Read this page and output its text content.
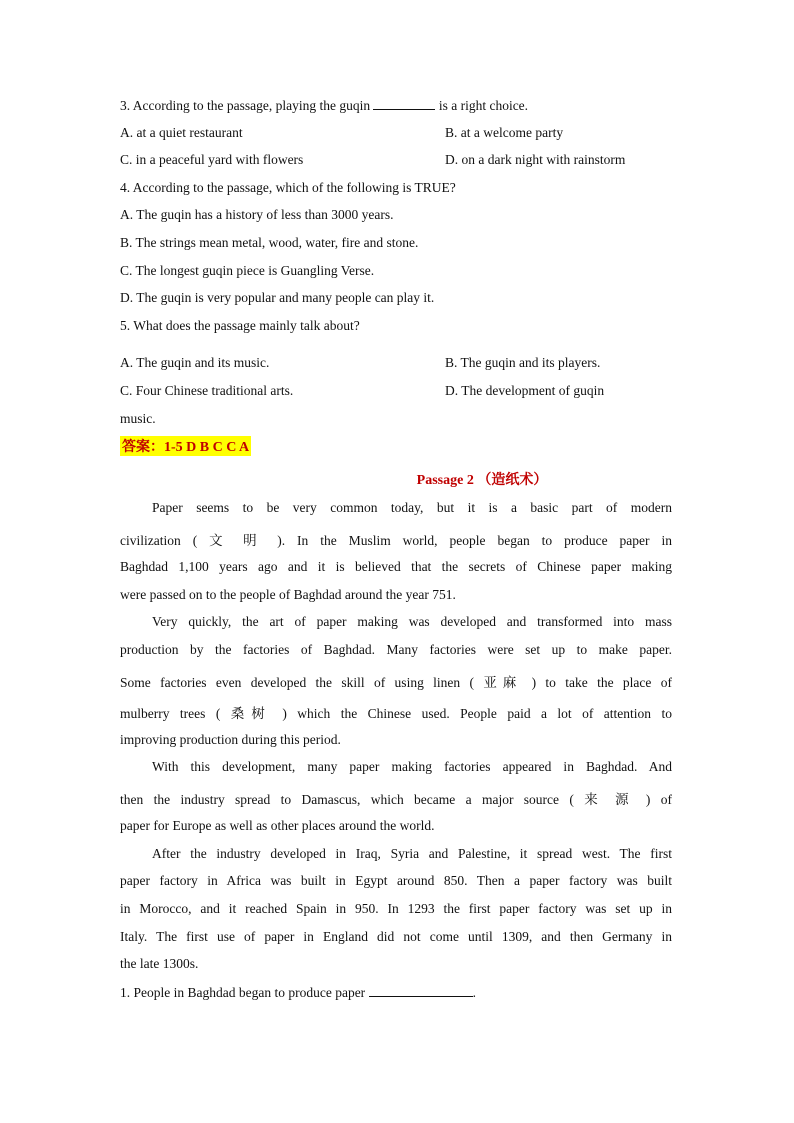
3. According to the passage, playing the guqin	is a right choice.
A. at a quiet restaurant	B. at a welcome party
C. in a peaceful yard with flowers	D. on a dark night with rainstorm
4. According to the passage, which of the following is TRUE?
A. The guqin has a history of less than 3000 years.
B. The strings mean metal, wood, water, fire and stone.
C. The longest guqin piece is Guangling Verse.
D. The guqin is very popular and many people can play it.
5. What does the passage mainly talk about?
A. The guqin and its music.	B. The guqin and its players.
C. Four Chinese traditional arts.	D. The development of guqin
music.
答案：1-5 D B C C A
Passage 2 （造纸术）
Paper seems to be very common today, but it is a basic part of modern
civilization ( 文 明 ). In the Muslim world, people began to produce paper in
Baghdad 1,100 years ago and it is believed that the secrets of Chinese paper making
were passed on to the people of Baghdad around the year 751.
Very quickly, the art of paper making was developed and transformed into mass
production by the factories of Baghdad. Many factories were set up to make paper.
Some factories even developed the skill of using linen ( 亚麻 ) to take the place of
mulberry trees ( 桑树 ) which the Chinese used. People paid a lot of attention to
improving production during this period.
With this development, many paper making factories appeared in Baghdad. And
then the industry spread to Damascus, which became a major source ( 来 源 ) of
paper for Europe as well as other places around the world.
After the industry developed in Iraq, Syria and Palestine, it spread west. The first
paper factory in Africa was built in Egypt around 850. Then a paper factory was built
in Morocco, and it reached Spain in 950. In 1293 the first paper factory was set up in
Italy. The first use of paper in England did not come until 1309, and then Germany in
the late 1300s.
1. People in Baghdad began to produce paper	.
